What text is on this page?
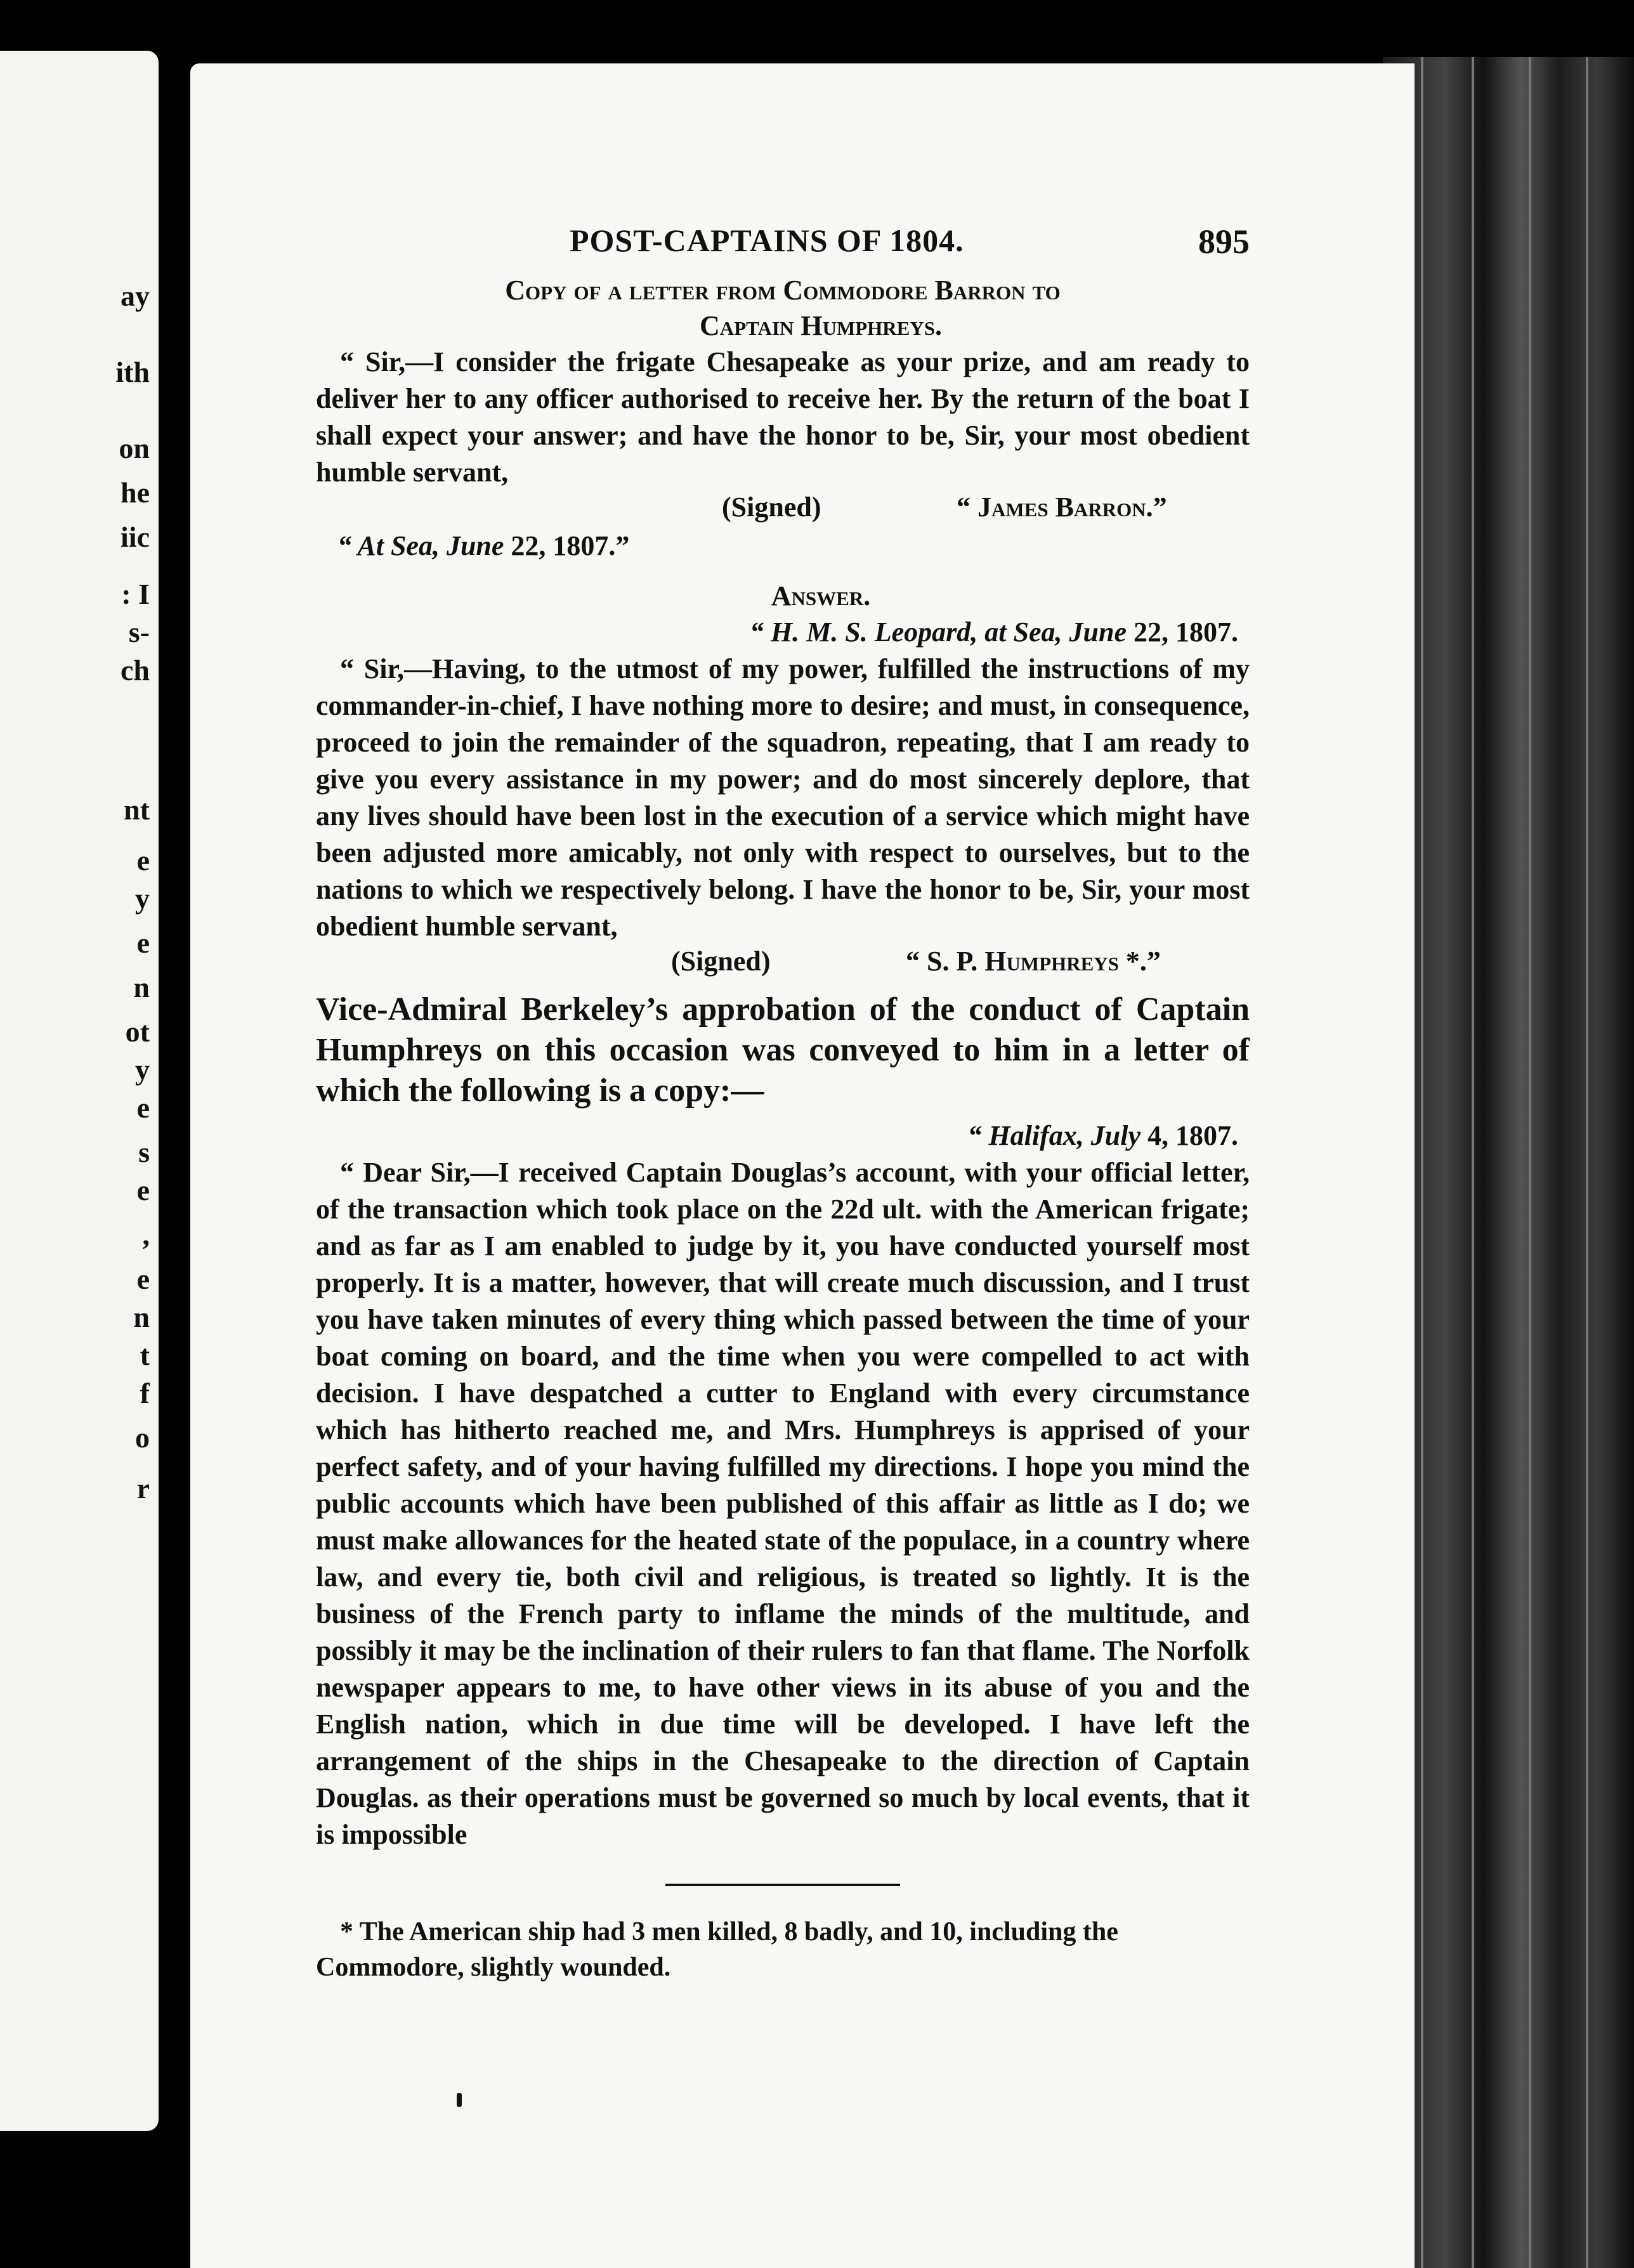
ay
ith
on
he
iic
: I
s-
ch
nt
e
y
e
n
ot
y
e
s
e
,
e
n
t
f
o
r
POST-CAPTAINS OF 1804.	895

Copy of a letter from Commodore Barron to

Captain Humphreys.

“ Sir,—I consider the frigate Chesapeake as your prize, and am ready to deliver her to any officer authorised to receive her. By the return of the boat I shall expect your answer; and have the honor to be, Sir, your most obedient humble servant,

(Signed)	“ James Barron.”

“ At Sea, June 22, 1807.”

Answer.

“ H. M. S. Leopard, at Sea, June 22, 1807.

“ Sir,—Having, to the utmost of my power, fulfilled the instructions of my commander-in-chief, I have nothing more to desire; and must, in consequence, proceed to join the remainder of the squadron, repeating, that I am ready to give you every assistance in my power; and do most sincerely deplore, that any lives should have been lost in the execution of a service which might have been adjusted more amicably, not only with respect to ourselves, but to the nations to which we respectively belong. I have the honor to be, Sir, your most obedient humble servant,

(Signed)	“ S. P. Humphreys *.”

Vice-Admiral Berkeley’s approbation of the conduct of Captain Humphreys on this occasion was conveyed to him in a letter of which the following is a copy:—

“ Halifax, July 4, 1807.

“ Dear Sir,—I received Captain Douglas’s account, with your official letter, of the transaction which took place on the 22d ult. with the American frigate; and as far as I am enabled to judge by it, you have conducted yourself most properly. It is a matter, however, that will create much discussion, and I trust you have taken minutes of every thing which passed between the time of your boat coming on board, and the time when you were compelled to act with decision. I have despatched a cutter to England with every circumstance which has hitherto reached me, and Mrs. Humphreys is apprised of your perfect safety, and of your having fulfilled my directions. I hope you mind the public accounts which have been published of this affair as little as I do; we must make allowances for the heated state of the populace, in a country where law, and every tie, both civil and religious, is treated so lightly. It is the business of the French party to inflame the minds of the multitude, and possibly it may be the inclination of their rulers to fan that flame. The Norfolk newspaper appears to me, to have other views in its abuse of you and the English nation, which in due time will be developed. I have left the arrangement of the ships in the Chesapeake to the direction of Captain Douglas. as their operations must be governed so much by local events, that it is impossible

* The American ship had 3 men killed, 8 badly, and 10, including the Commodore, slightly wounded.
